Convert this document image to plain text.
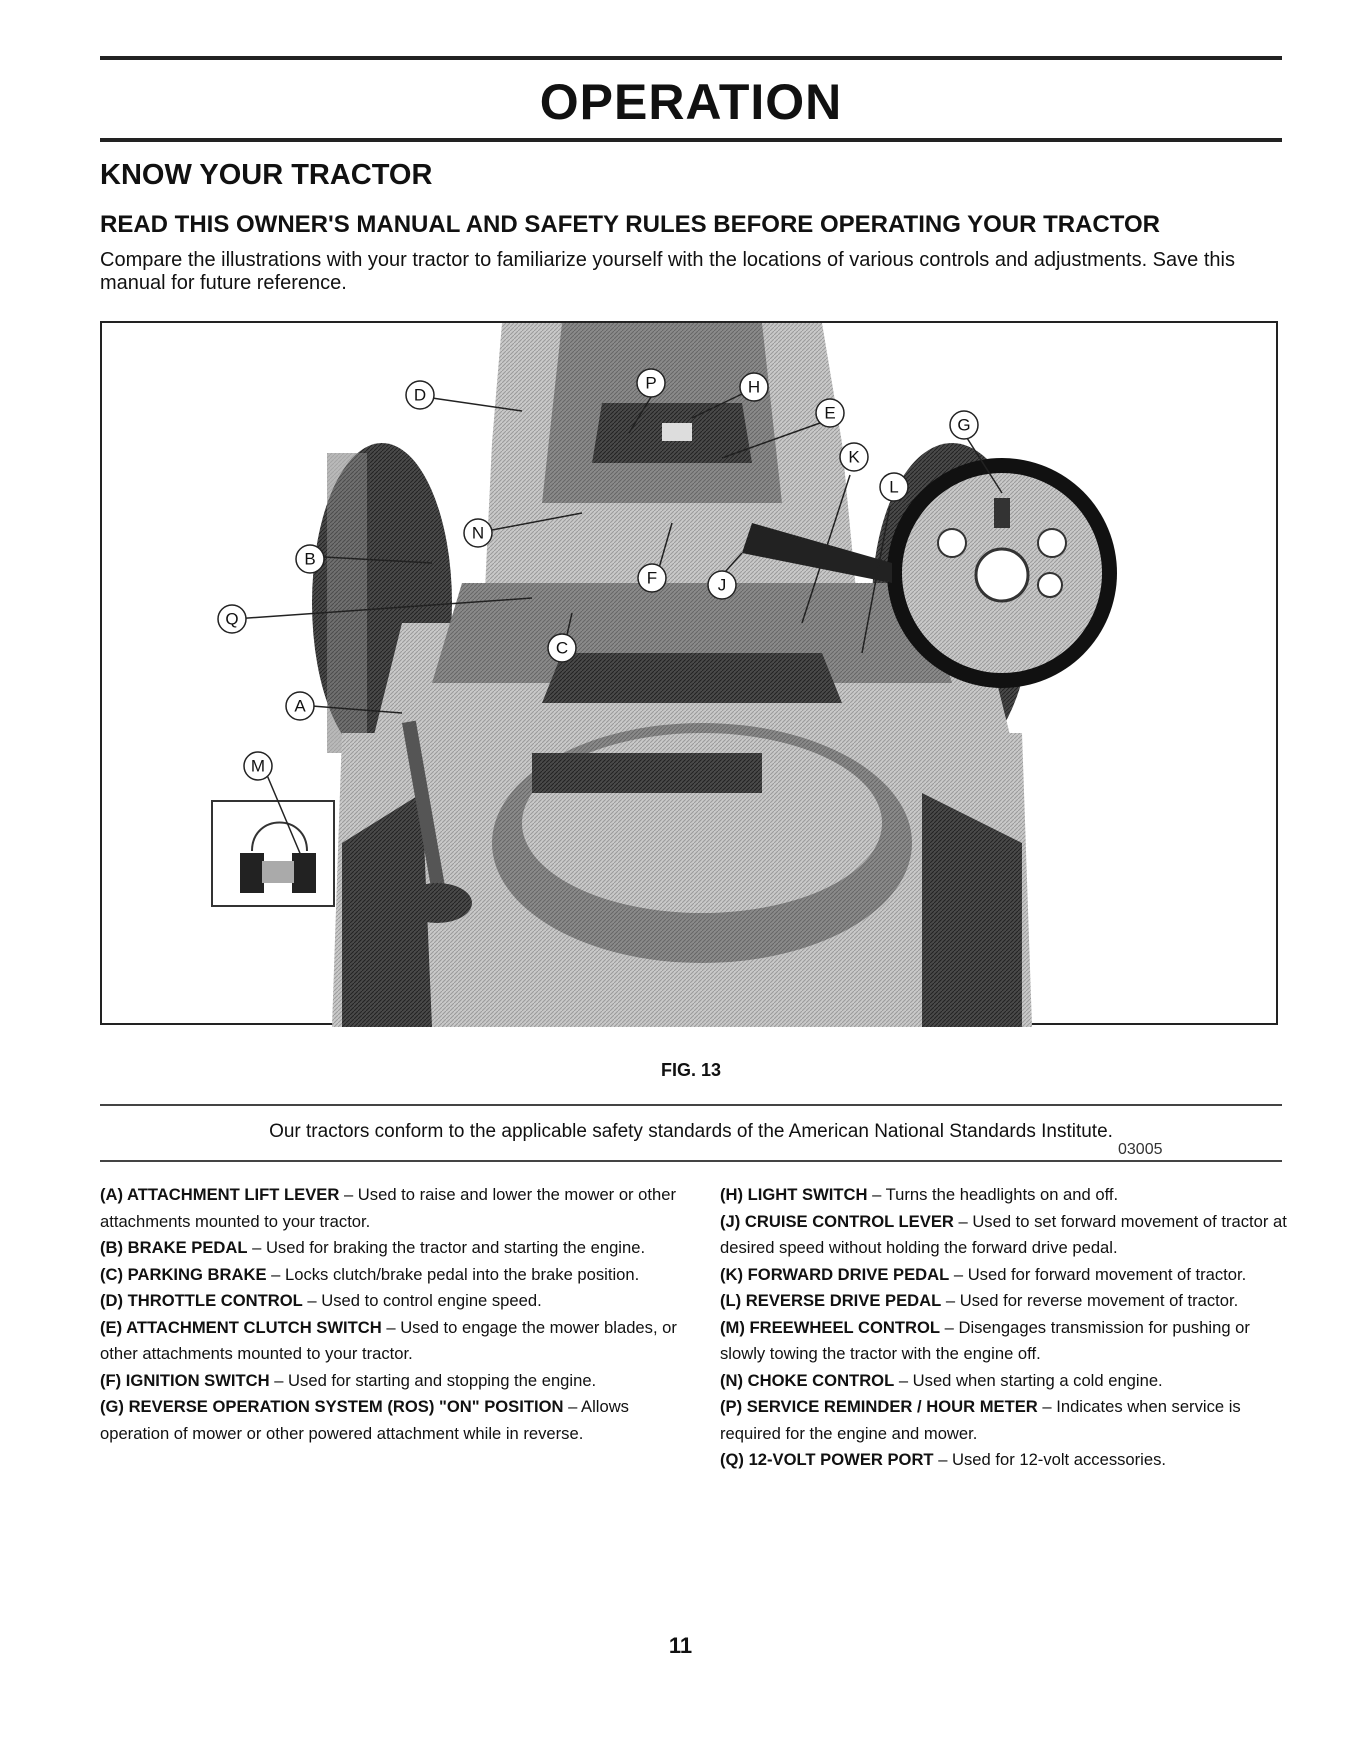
OPERATION
KNOW YOUR TRACTOR
READ THIS OWNER'S MANUAL AND SAFETY RULES BEFORE OPERATING YOUR TRACTOR

Compare the illustrations with your tractor to familiarize yourself with the locations of various controls and adjustments. Save this manual for future reference.

P
D	H
E
G
K
L
N
B
F	J
Q
C
A
M
03005

FIG. 13

Our tractors conform to the applicable safety standards of the American National Standards Institute.

(A) ATTACHMENT LIFT LEVER – Used to raise and lower the mower or other attachments mounted to your tractor.

(B) BRAKE PEDAL – Used for braking the tractor and starting the engine.

(C) PARKING BRAKE – Locks clutch/brake pedal into the brake position.

(D) THROTTLE CONTROL – Used to control engine speed.

(E) ATTACHMENT CLUTCH SWITCH – Used to engage the mower blades, or other attachments mounted to your tractor.

(F) IGNITION SWITCH – Used for starting and stopping the engine.

(G) REVERSE OPERATION SYSTEM (ROS) "ON" POSITION – Allows operation of mower or other powered attachment while in reverse.

(H) LIGHT SWITCH – Turns the headlights on and off.

(J) CRUISE CONTROL LEVER – Used to set forward movement of tractor at desired speed without holding the forward drive pedal.

(K) FORWARD DRIVE PEDAL – Used for forward movement of tractor.

(L) REVERSE DRIVE PEDAL – Used for reverse movement of tractor.

(M) FREEWHEEL CONTROL – Disengages transmission for pushing or slowly towing the tractor with the engine off.

(N) CHOKE CONTROL – Used when starting a cold engine.

(P) SERVICE REMINDER / HOUR METER – Indicates when service is required for the engine and mower.

(Q) 12-VOLT POWER PORT – Used for 12-volt accessories.

11
